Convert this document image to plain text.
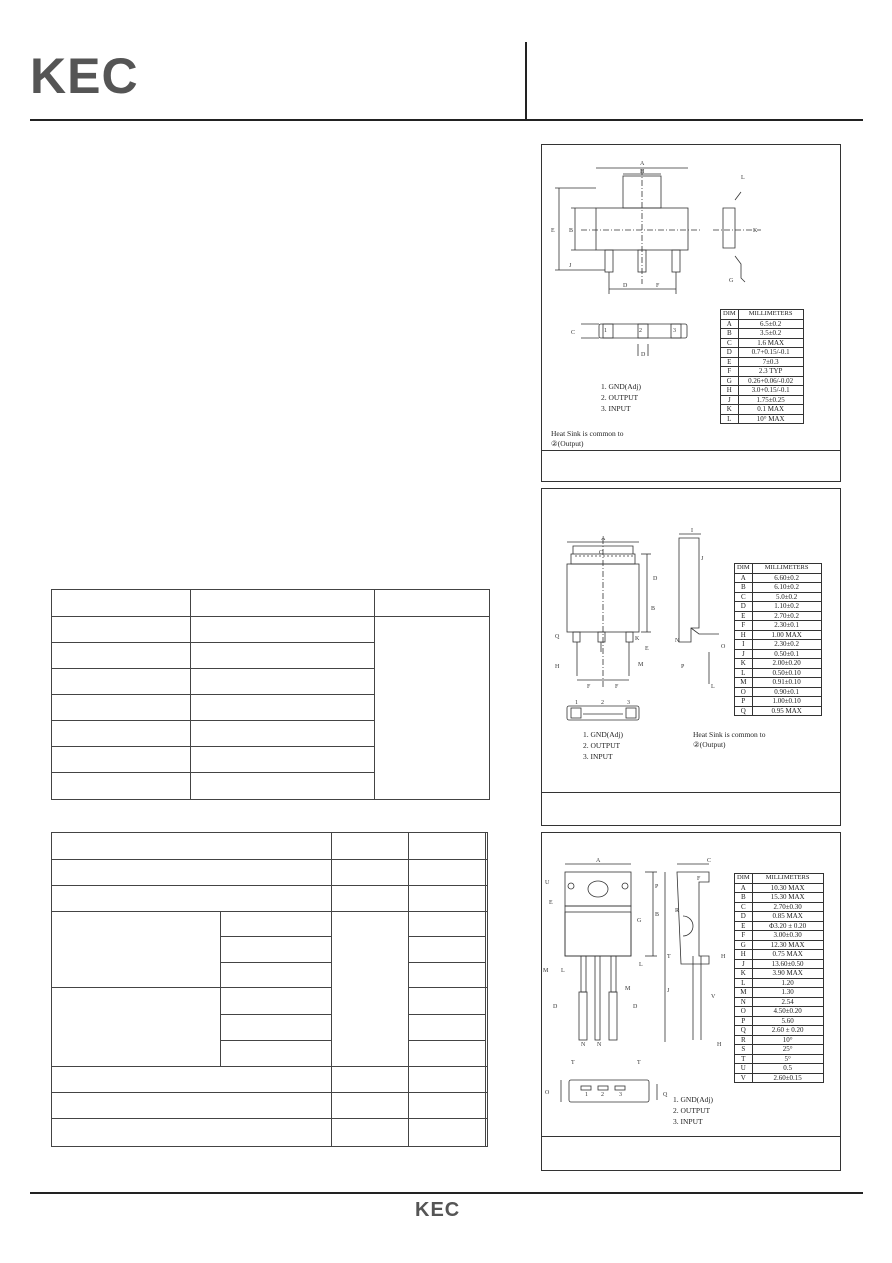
KEC

A
H
E B
J
D	F
L
K
G
C
D
1	2	3
DIM	MILLIMETERS
A	6.5±0.2
B	3.5±0.2
C	1.6 MAX
D	0.7+0.15/-0.1
E	7±0.3
F	2.3 TYP
G	0.26+0.06/-0.02
H	3.0+0.15/-0.1
J	1.75±0.25
K	0.1 MAX
L	10° MAX
1. GND(Adj)
2. OUTPUT
3. INPUT
Heat Sink is common to
②(Output)
A
C
D
B
E
K
M
Q
H
F	F
I
J
N
P
O
L
1	2	3
DIM	MILLIMETERS
A	6.60±0.2
B	6.10±0.2
C	5.0±0.2
D	1.10±0.2
E	2.70±0.2
F	2.30±0.1
H	1.00 MAX
I	2.30±0.2
J	0.50±0.1
K	2.00±0.20
L	0.50±0.10
M	0.91±0.10
O	0.90±0.1
P	1.00±0.10
Q	0.95 MAX
1. GND(Adj)
2. OUTPUT
3. INPUT
Heat Sink is common to
②(Output)
A
U
E
G
B
P
M L
L
M
D	D
N
N
J
C
F
R
T	H
V
H
T	T
O	Q
1 2	3
DIM	MILLIMETERS
A	10.30 MAX
B	15.30 MAX
C	2.70±0.30
D	0.85 MAX
E	Φ3.20 ± 0.20
F	3.00±0.30
G	12.30 MAX
H	0.75 MAX
J	13.60±0.50
K	3.90 MAX
L	1.20
M	1.30
N	2.54
O	4.50±0.20
P	5.60
Q	2.60 ± 0.20
R	10°
S	25°
T	5°
U	0.5
V	2.60±0.15
1. GND(Adj)
2. OUTPUT
3. INPUT
KEC
